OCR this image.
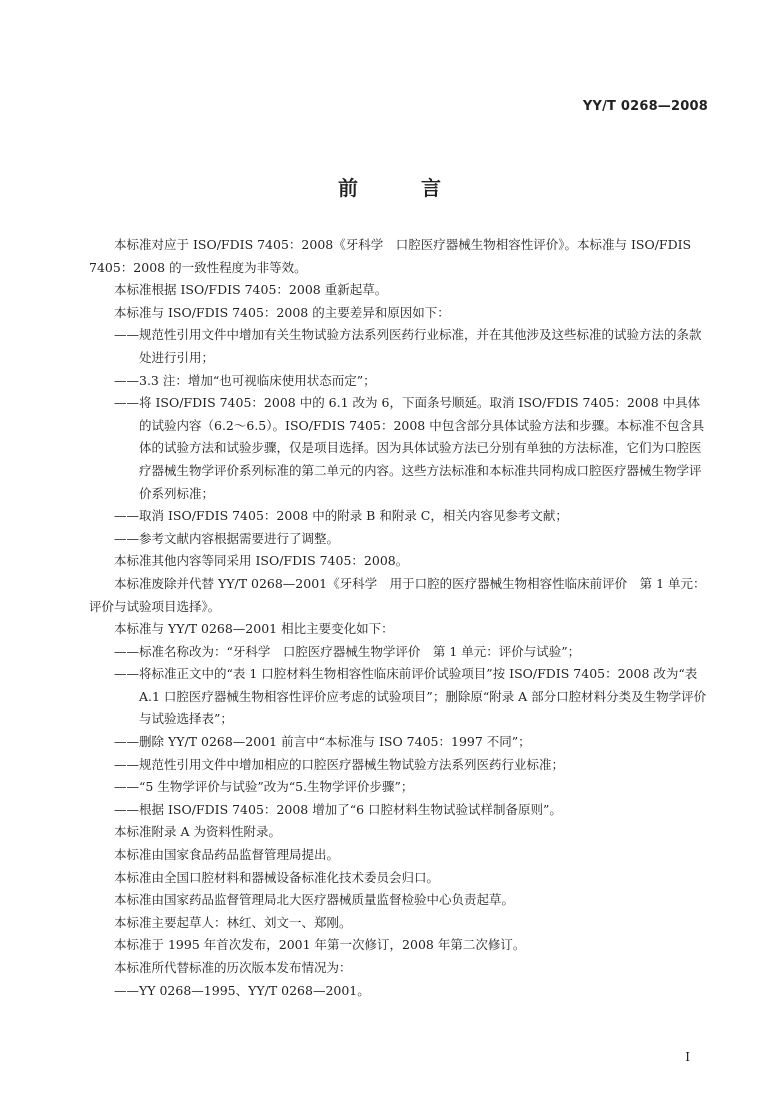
YY/T 0268—2008
前 言

本标准对应于 ISO/FDIS 7405：2008《牙科学　口腔医疗器械生物相容性评价》。本标准与 ISO/FDIS 7405：2008 的一致性程度为非等效。

本标准根据 ISO/FDIS 7405：2008 重新起草。

本标准与 ISO/FDIS 7405：2008 的主要差异和原因如下：

——规范性引用文件中增加有关生物试验方法系列医药行业标准，并在其他涉及这些标准的试验方法的条款处进行引用；

——3.3 注：增加“也可视临床使用状态而定”；

——将 ISO/FDIS 7405：2008 中的 6.1 改为 6，下面条号顺延。取消 ISO/FDIS 7405：2008 中具体的试验内容（6.2～6.5）。ISO/FDIS 7405：2008 中包含部分具体试验方法和步骤。本标准不包含具体的试验方法和试验步骤，仅是项目选择。因为具体试验方法已分别有单独的方法标准，它们为口腔医疗器械生物学评价系列标准的第二单元的内容。这些方法标准和本标准共同构成口腔医疗器械生物学评价系列标准；

——取消 ISO/FDIS 7405：2008 中的附录 B 和附录 C，相关内容见参考文献；

——参考文献内容根据需要进行了调整。

本标准其他内容等同采用 ISO/FDIS 7405：2008。

本标准废除并代替 YY/T 0268—2001《牙科学　用于口腔的医疗器械生物相容性临床前评价　第 1 单元：评价与试验项目选择》。

本标准与 YY/T 0268—2001 相比主要变化如下：

——标准名称改为：“牙科学　口腔医疗器械生物学评价　第 1 单元：评价与试验”；

——将标准正文中的“表 1 口腔材料生物相容性临床前评价试验项目”按 ISO/FDIS 7405：2008 改为“表 A.1 口腔医疗器械生物相容性评价应考虑的试验项目”；删除原“附录 A 部分口腔材料分类及生物学评价与试验选择表”；

——删除 YY/T 0268—2001 前言中“本标准与 ISO 7405：1997 不同”；

——规范性引用文件中增加相应的口腔医疗器械生物试验方法系列医药行业标准；

——“5 生物学评价与试验”改为“5.生物学评价步骤”；

——根据 ISO/FDIS 7405：2008 增加了“6 口腔材料生物试验试样制备原则”。

本标准附录 A 为资料性附录。

本标准由国家食品药品监督管理局提出。

本标准由全国口腔材料和器械设备标准化技术委员会归口。

本标准由国家药品监督管理局北大医疗器械质量监督检验中心负责起草。

本标准主要起草人：林红、刘文一、郑刚。

本标准于 1995 年首次发布，2001 年第一次修订，2008 年第二次修订。

本标准所代替标准的历次版本发布情况为：

——YY 0268—1995、YY/T 0268—2001。

I
